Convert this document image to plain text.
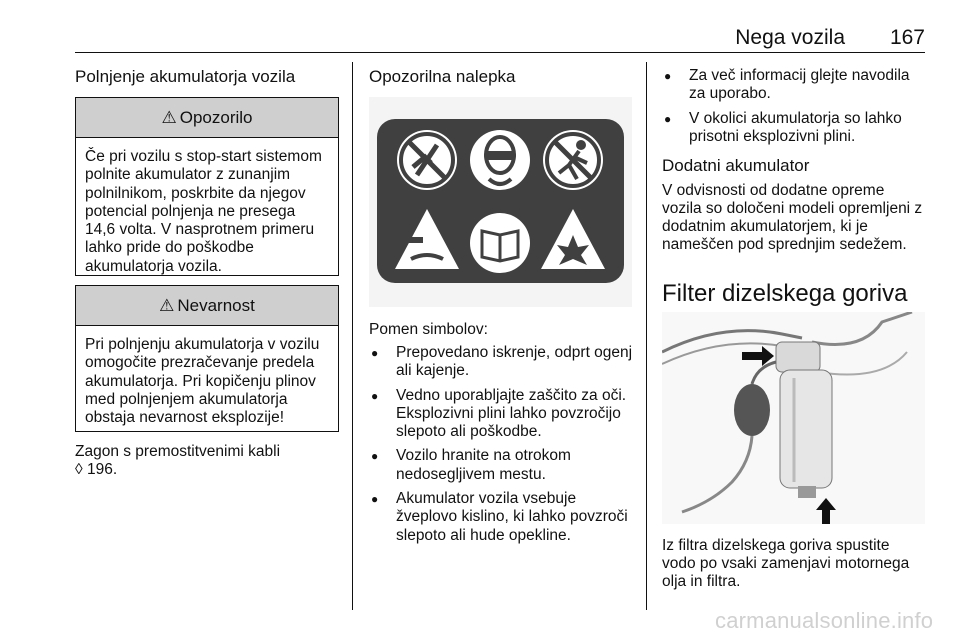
Nega vozila	167
Polnjenje akumulatorja vozila
⚠ Opozorilo
Če pri vozilu s stop-start sistemom polnite akumulator z zunanjim polnilnikom, poskrbite da njegov potencial polnjenja ne presega 14,6 volta. V nasprotnem primeru lahko pride do poškodbe akumulatorja vozila.
⚠ Nevarnost
Pri polnjenju akumulatorja v vozilu omogočite prezračevanje predela akumulatorja. Pri kopičenju plinov med polnjenjem akumulatorja obstaja nevarnost eksplozije!
Zagon s premostitvenimi kabli
◊ 196.
Opozorilna nalepka
Pomen simbolov:
● Prepovedano iskrenje, odprt ogenj ali kajenje.
● Vedno uporabljajte zaščito za oči. Eksplozivni plini lahko povzročijo slepoto ali poškodbe.
● Vozilo hranite na otrokom nedosegljivem mestu.
● Akumulator vozila vsebuje žveplovo kislino, ki lahko povzroči slepoto ali hude opekline.
● Za več informacij glejte navodila za uporabo.
● V okolici akumulatorja so lahko prisotni eksplozivni plini.
Dodatni akumulator
V odvisnosti od dodatne opreme vozila so določeni modeli opremljeni z dodatnim akumulatorjem, ki je nameščen pod sprednjim sedežem.
Filter dizelskega goriva
Iz filtra dizelskega goriva spustite vodo po vsaki zamenjavi motornega olja in filtra.
carmanualsonline.info
